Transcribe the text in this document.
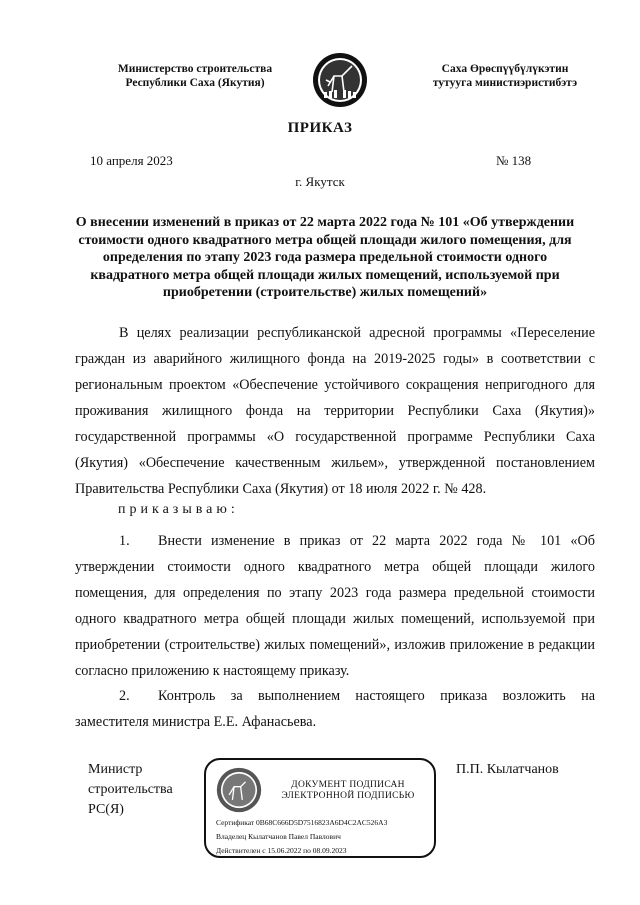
Министерство строительства
Республики Саха (Якутия)
Саха Өрөспүүбүлүкэтин
тутууга министиэристибэтэ
ПРИКАЗ
10 апреля 2023	№ 138
г. Якутск
О внесении изменений в приказ от 22 марта 2022 года № 101 «Об утверждении стоимости одного квадратного метра общей площади жилого помещения, для определения по этапу 2023 года размера предельной стоимости одного квадратного метра общей площади жилых помещений, используемой при приобретении (строительстве) жилых помещений»

В целях реализации республиканской адресной программы «Переселение граждан из аварийного жилищного фонда на 2019-2025 годы» в соответствии с региональным проектом «Обеспечение устойчивого сокращения непригодного для проживания жилищного фонда на территории Республики Саха (Якутия)» государственной программы «О государственной программе Республики Саха (Якутия) «Обеспечение качественным жильем», утвержденной постановлением Правительства Республики Саха (Якутия) от 18 июля 2022 г. № 428.

приказываю:

1.  Внести изменение в приказ от 22 марта 2022 года № 101 «Об утверждении стоимости одного квадратного метра общей площади жилого помещения, для определения по этапу 2023 года размера предельной стоимости одного квадратного метра общей площади жилых помещений, используемой при приобретении (строительстве) жилых помещений», изложив приложение в редакции согласно приложению к настоящему приказу.

2.  Контроль за выполнением настоящего приказа возложить на заместителя министра Е.Е. Афанасьева.

Министр
строительства
РС(Я)
ДОКУМЕНТ ПОДПИСАН
ЭЛЕКТРОННОЙ ПОДПИСЬЮ
Сертификат 0B68C666D5D7516823A6D4C2AC526A3
Владелец Кылатчанов Павел Павлович
Действителен с 15.06.2022 по 08.09.2023
П.П. Кылатчанов
